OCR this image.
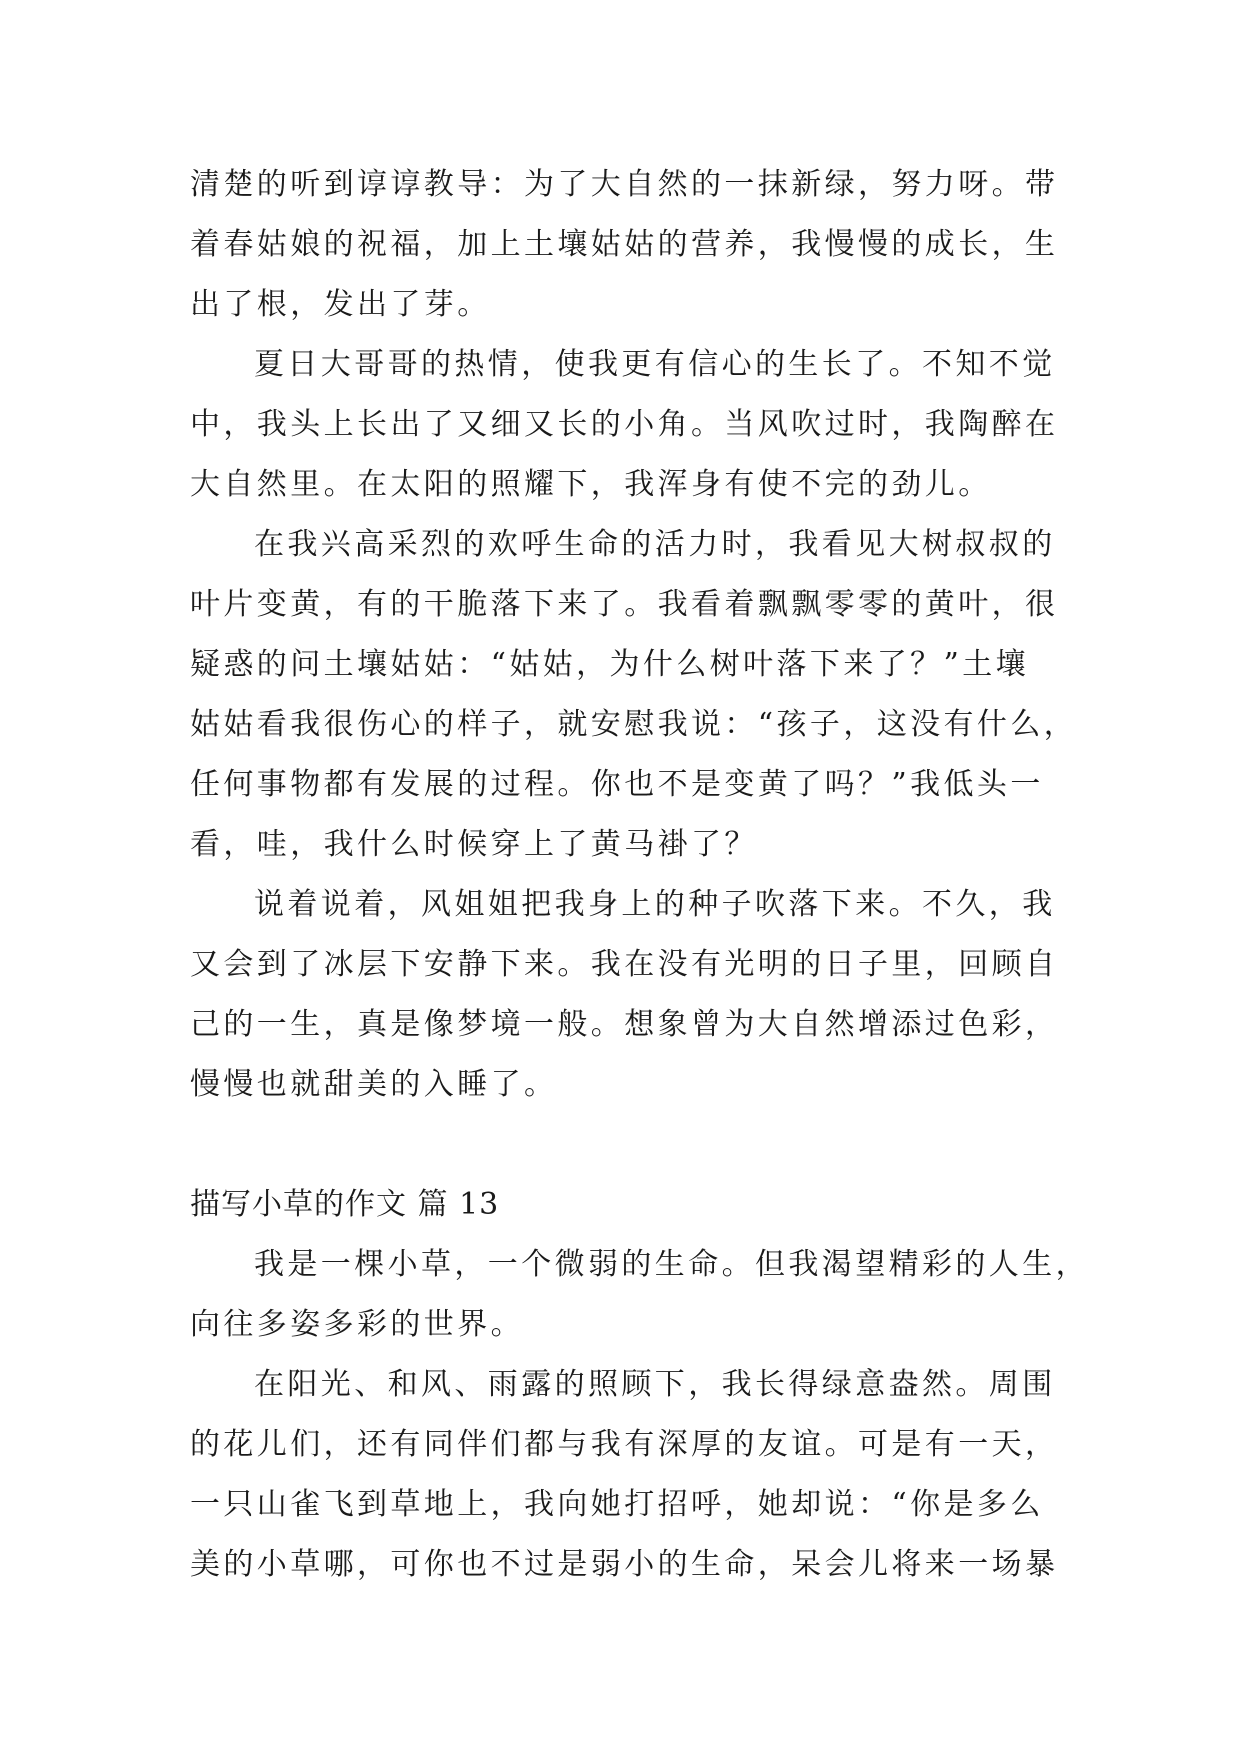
清楚的听到谆谆教导：为了大自然的一抹新绿，努力呀。带
着春姑娘的祝福，加上土壤姑姑的营养，我慢慢的成长，生
出了根，发出了芽。
夏日大哥哥的热情，使我更有信心的生长了。不知不觉
中，我头上长出了又细又长的小角。当风吹过时，我陶醉在
大自然里。在太阳的照耀下，我浑身有使不完的劲儿。
在我兴高采烈的欢呼生命的活力时，我看见大树叔叔的
叶片变黄，有的干脆落下来了。我看着飘飘零零的黄叶，很
疑惑的问土壤姑姑：“姑姑，为什么树叶落下来了？”土壤
姑姑看我很伤心的样子，就安慰我说：“孩子，这没有什么，
任何事物都有发展的过程。你也不是变黄了吗？”我低头一
看，哇，我什么时候穿上了黄马褂了？
说着说着，风姐姐把我身上的种子吹落下来。不久，我
又会到了冰层下安静下来。我在没有光明的日子里，回顾自
己的一生，真是像梦境一般。想象曾为大自然增添过色彩，
慢慢也就甜美的入睡了。
描写小草的作文 篇 13
我是一棵小草，一个微弱的生命。但我渴望精彩的人生，
向往多姿多彩的世界。
在阳光、和风、雨露的照顾下，我长得绿意盎然。周围
的花儿们，还有同伴们都与我有深厚的友谊。可是有一天，
一只山雀飞到草地上，我向她打招呼，她却说：“你是多么
美的小草哪，可你也不过是弱小的生命，呆会儿将来一场暴
